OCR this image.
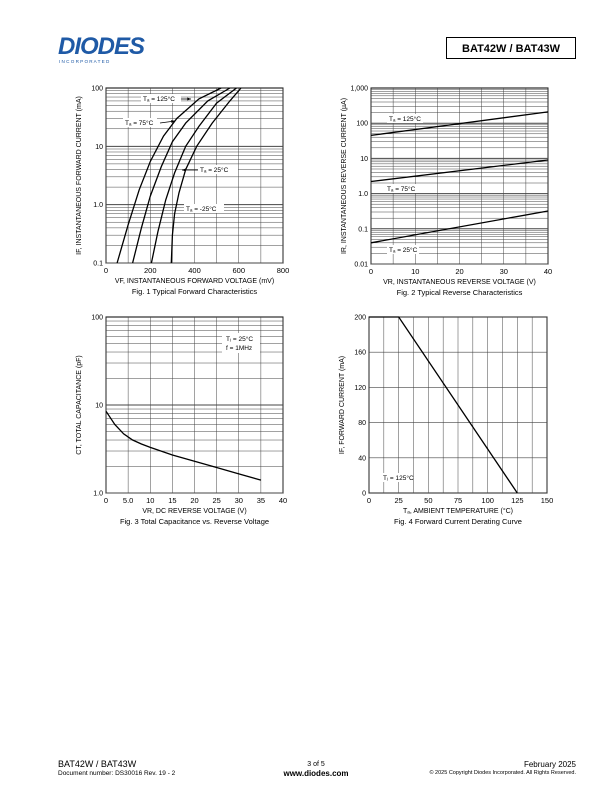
DIODES
I N C O R P O R A T E D
BAT42W / BAT43W
0	200	400	600	800
100
10
1.0
0.1
VF, INSTANTANEOUS FORWARD VOLTAGE (mV)
IF, INSTANTANEOUS FORWARD CURRENT (mA)
Fig. 1 Typical Forward Characteristics
Tₐ = 125°C
Tₐ = 75°C
Tₐ = 25°C
Tₐ = -25°C
0	10	20	30	40
1,000
100
10
1.0
0.1
0.01
VR, INSTANTANEOUS REVERSE VOLTAGE (V)
IR, INSTANTANEOUS REVERSE CURRENT (µA)
Fig. 2 Typical Reverse Characteristics
Tₐ = 125°C
Tₐ = 75°C
Tₐ = 25°C
0 5.0 10 15 20 25 30 35 40
100
10
1.0
VR, DC REVERSE VOLTAGE (V)
CT, TOTAL CAPACITANCE (pF)
Fig. 3 Total Capacitance vs. Reverse Voltage
Tⱼ = 25°C
f = 1MHz
0	25	50	75	100 125 150
200
160
120
80
40
0
Tₐ, AMBIENT TEMPERATURE (°C)
IF, FORWARD CURRENT (mA)
Fig. 4 Forward Current Derating Curve
Tⱼ = 125°C
BAT42W / BAT43W
Document number: DS30016 Rev. 19 - 2
3 of 5
www.diodes.com
February 2025
© 2025 Copyright Diodes Incorporated. All Rights Reserved.
